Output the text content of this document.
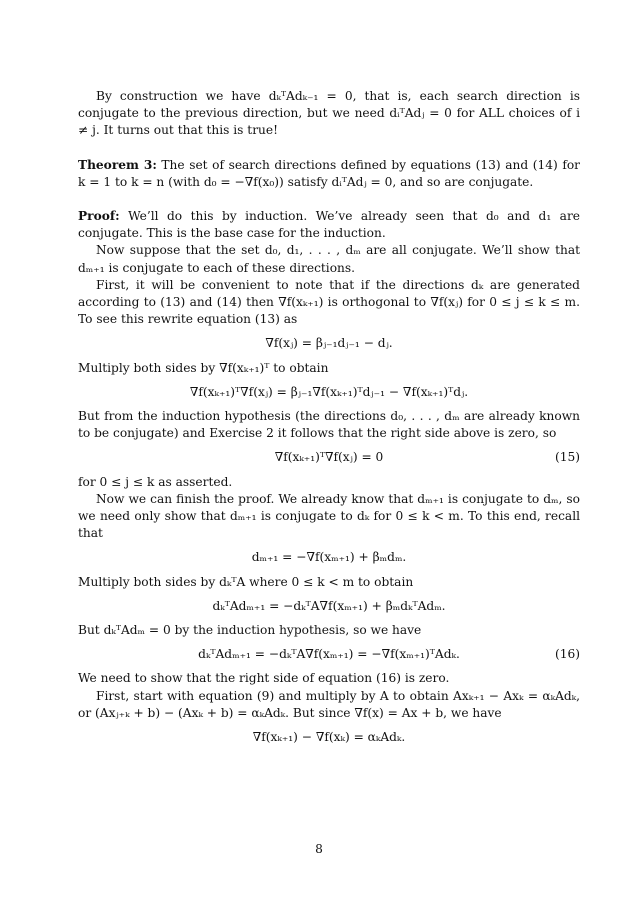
By construction we have dₖᵀAdₖ₋₁ = 0, that is, each search direction is conjugate to the previous direction, but we need dᵢᵀAdⱼ = 0 for ALL choices of i ≠ j. It turns out that this is true!

Theorem 3: The set of search directions defined by equations (13) and (14) for k = 1 to k = n (with d₀ = −∇f(x₀)) satisfy dᵢᵀAdⱼ = 0, and so are conjugate.

Proof: We’ll do this by induction. We’ve already seen that d₀ and d₁ are conjugate. This is the base case for the induction.

Now suppose that the set d₀, d₁, . . . , dₘ are all conjugate. We’ll show that dₘ₊₁ is conjugate to each of these directions.

First, it will be convenient to note that if the directions dₖ are generated according to (13) and (14) then ∇f(xₖ₊₁) is orthogonal to ∇f(xⱼ) for 0 ≤ j ≤ k ≤ m. To see this rewrite equation (13) as

∇f(xⱼ) = βⱼ₋₁dⱼ₋₁ − dⱼ.

Multiply both sides by ∇f(xₖ₊₁)ᵀ to obtain

∇f(xₖ₊₁)ᵀ∇f(xⱼ) = βⱼ₋₁∇f(xₖ₊₁)ᵀdⱼ₋₁ − ∇f(xₖ₊₁)ᵀdⱼ.

But from the induction hypothesis (the directions d₀, . . . , dₘ are already known to be conjugate) and Exercise 2 it follows that the right side above is zero, so

∇f(xₖ₊₁)ᵀ∇f(xⱼ) = 0	(15)

for 0 ≤ j ≤ k as asserted.

Now we can finish the proof. We already know that dₘ₊₁ is conjugate to dₘ, so we need only show that dₘ₊₁ is conjugate to dₖ for 0 ≤ k < m. To this end, recall that

dₘ₊₁ = −∇f(xₘ₊₁) + βₘdₘ.

Multiply both sides by dₖᵀA where 0 ≤ k < m to obtain

dₖᵀAdₘ₊₁ = −dₖᵀA∇f(xₘ₊₁) + βₘdₖᵀAdₘ.

But dₖᵀAdₘ = 0 by the induction hypothesis, so we have

dₖᵀAdₘ₊₁ = −dₖᵀA∇f(xₘ₊₁) = −∇f(xₘ₊₁)ᵀAdₖ.	(16)

We need to show that the right side of equation (16) is zero.

First, start with equation (9) and multiply by A to obtain Axₖ₊₁ − Axₖ = αₖAdₖ, or (Axⱼ₊ₖ + b) − (Axₖ + b) = αₖAdₖ. But since ∇f(x) = Ax + b, we have

∇f(xₖ₊₁) − ∇f(xₖ) = αₖAdₖ.
8
